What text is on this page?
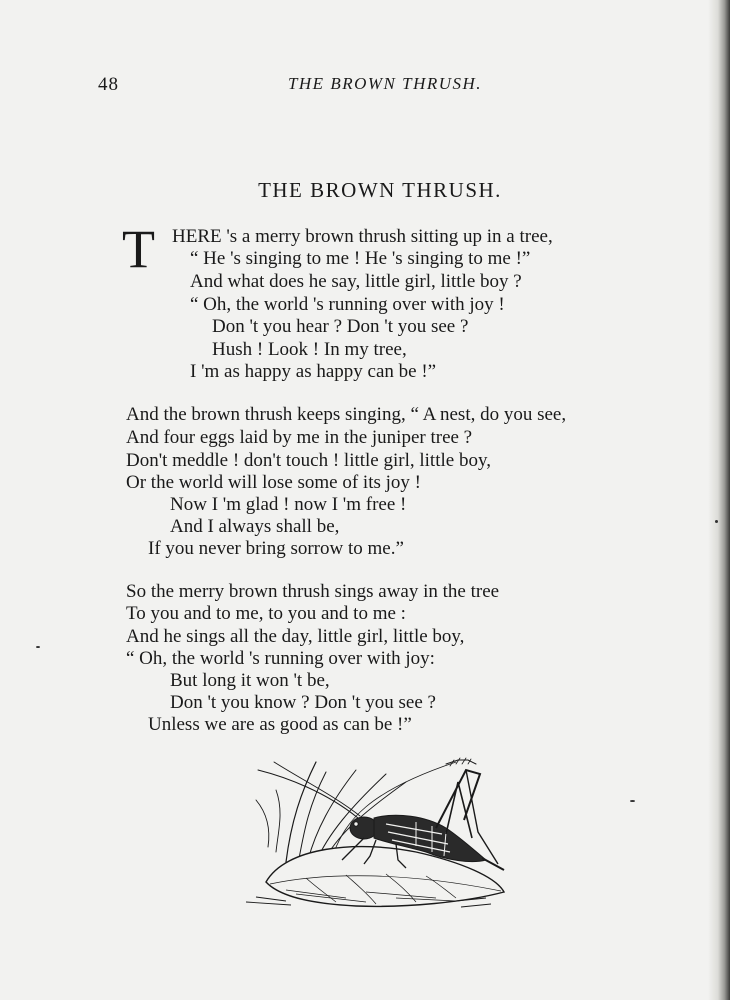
48	THE BROWN THRUSH.
THE BROWN THRUSH.
T HERE 's a merry brown thrush sitting up in a tree,
“ He 's singing to me ! He 's singing to me !”
And what does he say, little girl, little boy ?
“ Oh, the world 's running over with joy !
Don 't you hear ? Don 't you see ?
Hush ! Look ! In my tree,
I 'm as happy as happy can be !”
And the brown thrush keeps singing, “ A nest, do you see,
And four eggs laid by me in the juniper tree ?
Don't meddle ! don't touch ! little girl, little boy,
Or the world will lose some of its joy !
Now I 'm glad ! now I 'm free !
And I always shall be,
If you never bring sorrow to me.”
So the merry brown thrush sings away in the tree
To you and to me, to you and to me :
And he sings all the day, little girl, little boy,
“ Oh, the world 's running over with joy:
But long it won 't be,
Don 't you know ? Don 't you see ?
Unless we are as good as can be !”
